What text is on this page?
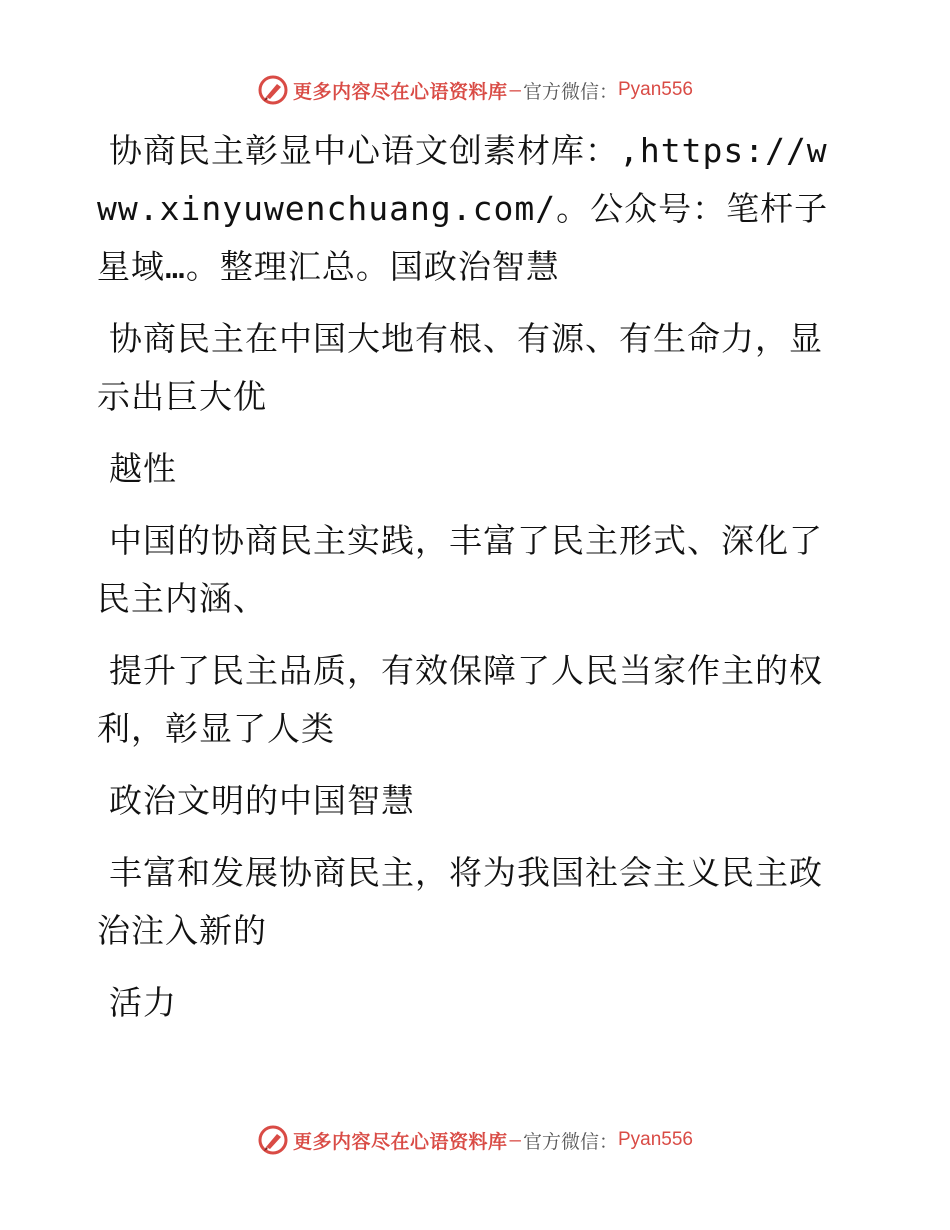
更多内容尽在心语资料库 — 官方微信： Pyan556

协商民主彰显中心语文创素材库：,https://www.xinyuwenchuang.com/。公众号：笔杆子星域…。整理汇总。国政治智慧

协商民主在中国大地有根、有源、有生命力，显示出巨大优

越性

中国的协商民主实践，丰富了民主形式、深化了民主内涵、

提升了民主品质，有效保障了人民当家作主的权利，彰显了人类

政治文明的中国智慧

丰富和发展协商民主，将为我国社会主义民主政治注入新的

活力

更多内容尽在心语资料库 — 官方微信： Pyan556
